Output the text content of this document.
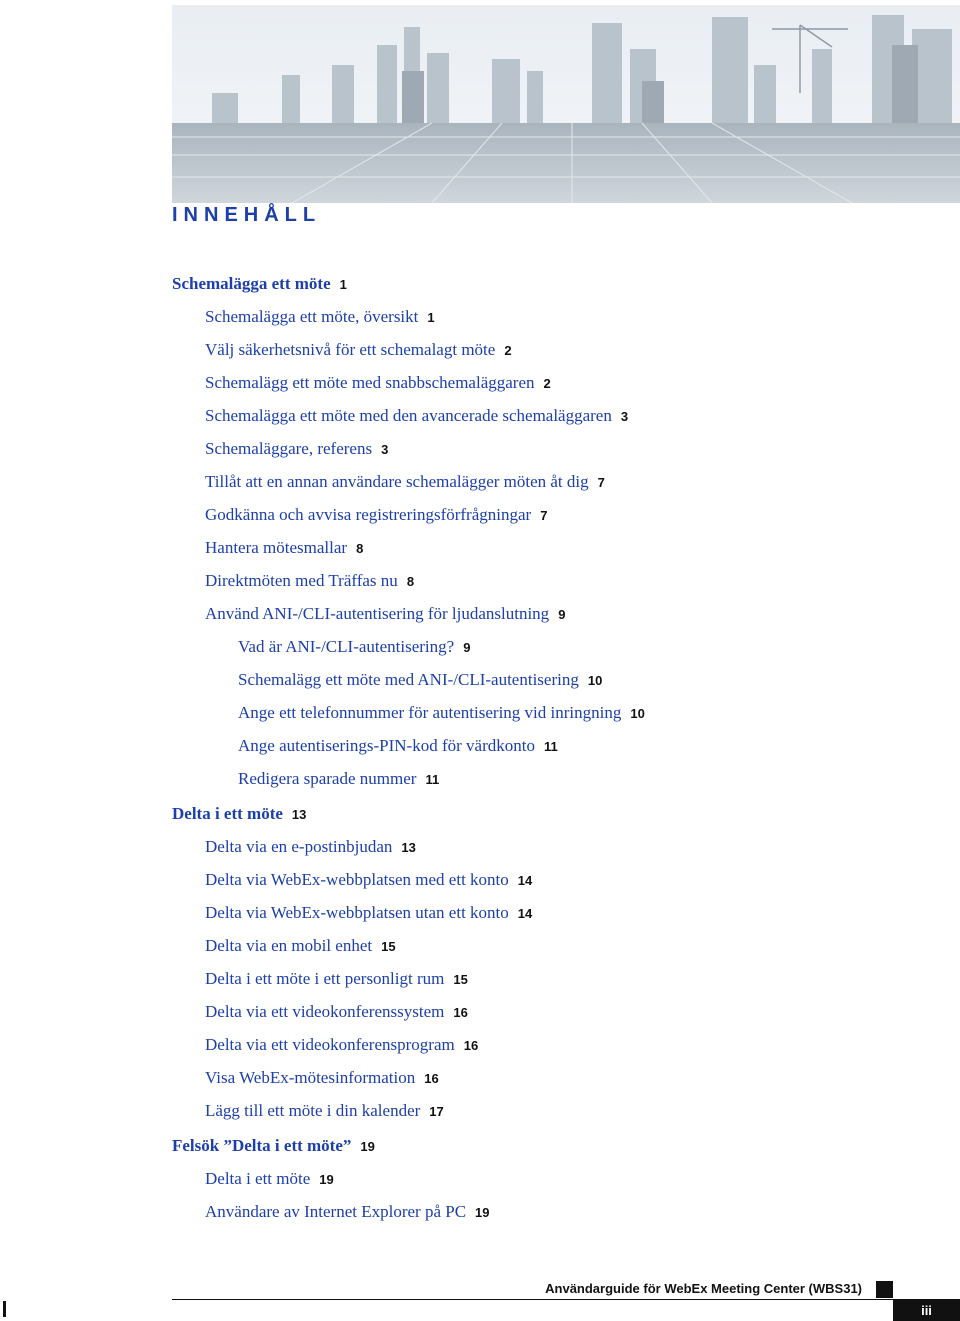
INNEHÅLL
Schemalägga ett möte 1
Schemalägga ett möte, översikt 1
Välj säkerhetsnivå för ett schemalagt möte 2
Schemalägg ett möte med snabbschemaläggaren 2
Schemalägga ett möte med den avancerade schemaläggaren 3
Schemaläggare, referens 3
Tillåt att en annan användare schemalägger möten åt dig 7
Godkänna och avvisa registreringsförfrågningar 7
Hantera mötesmallar 8
Direktmöten med Träffas nu 8
Använd ANI-/CLI-autentisering för ljudanslutning 9
Vad är ANI-/CLI-autentisering? 9
Schemalägg ett möte med ANI-/CLI-autentisering 10
Ange ett telefonnummer för autentisering vid inringning 10
Ange autentiserings-PIN-kod för värdkonto 11
Redigera sparade nummer 11
Delta i ett möte 13
Delta via en e-postinbjudan 13
Delta via WebEx-webbplatsen med ett konto 14
Delta via WebEx-webbplatsen utan ett konto 14
Delta via en mobil enhet 15
Delta i ett möte i ett personligt rum 15
Delta via ett videokonferenssystem 16
Delta via ett videokonferensprogram 16
Visa WebEx-mötesinformation 16
Lägg till ett möte i din kalender 17
Felsök ”Delta i ett möte” 19
Delta i ett möte 19
Användare av Internet Explorer på PC 19
Användarguide för WebEx Meeting Center (WBS31)
iii
